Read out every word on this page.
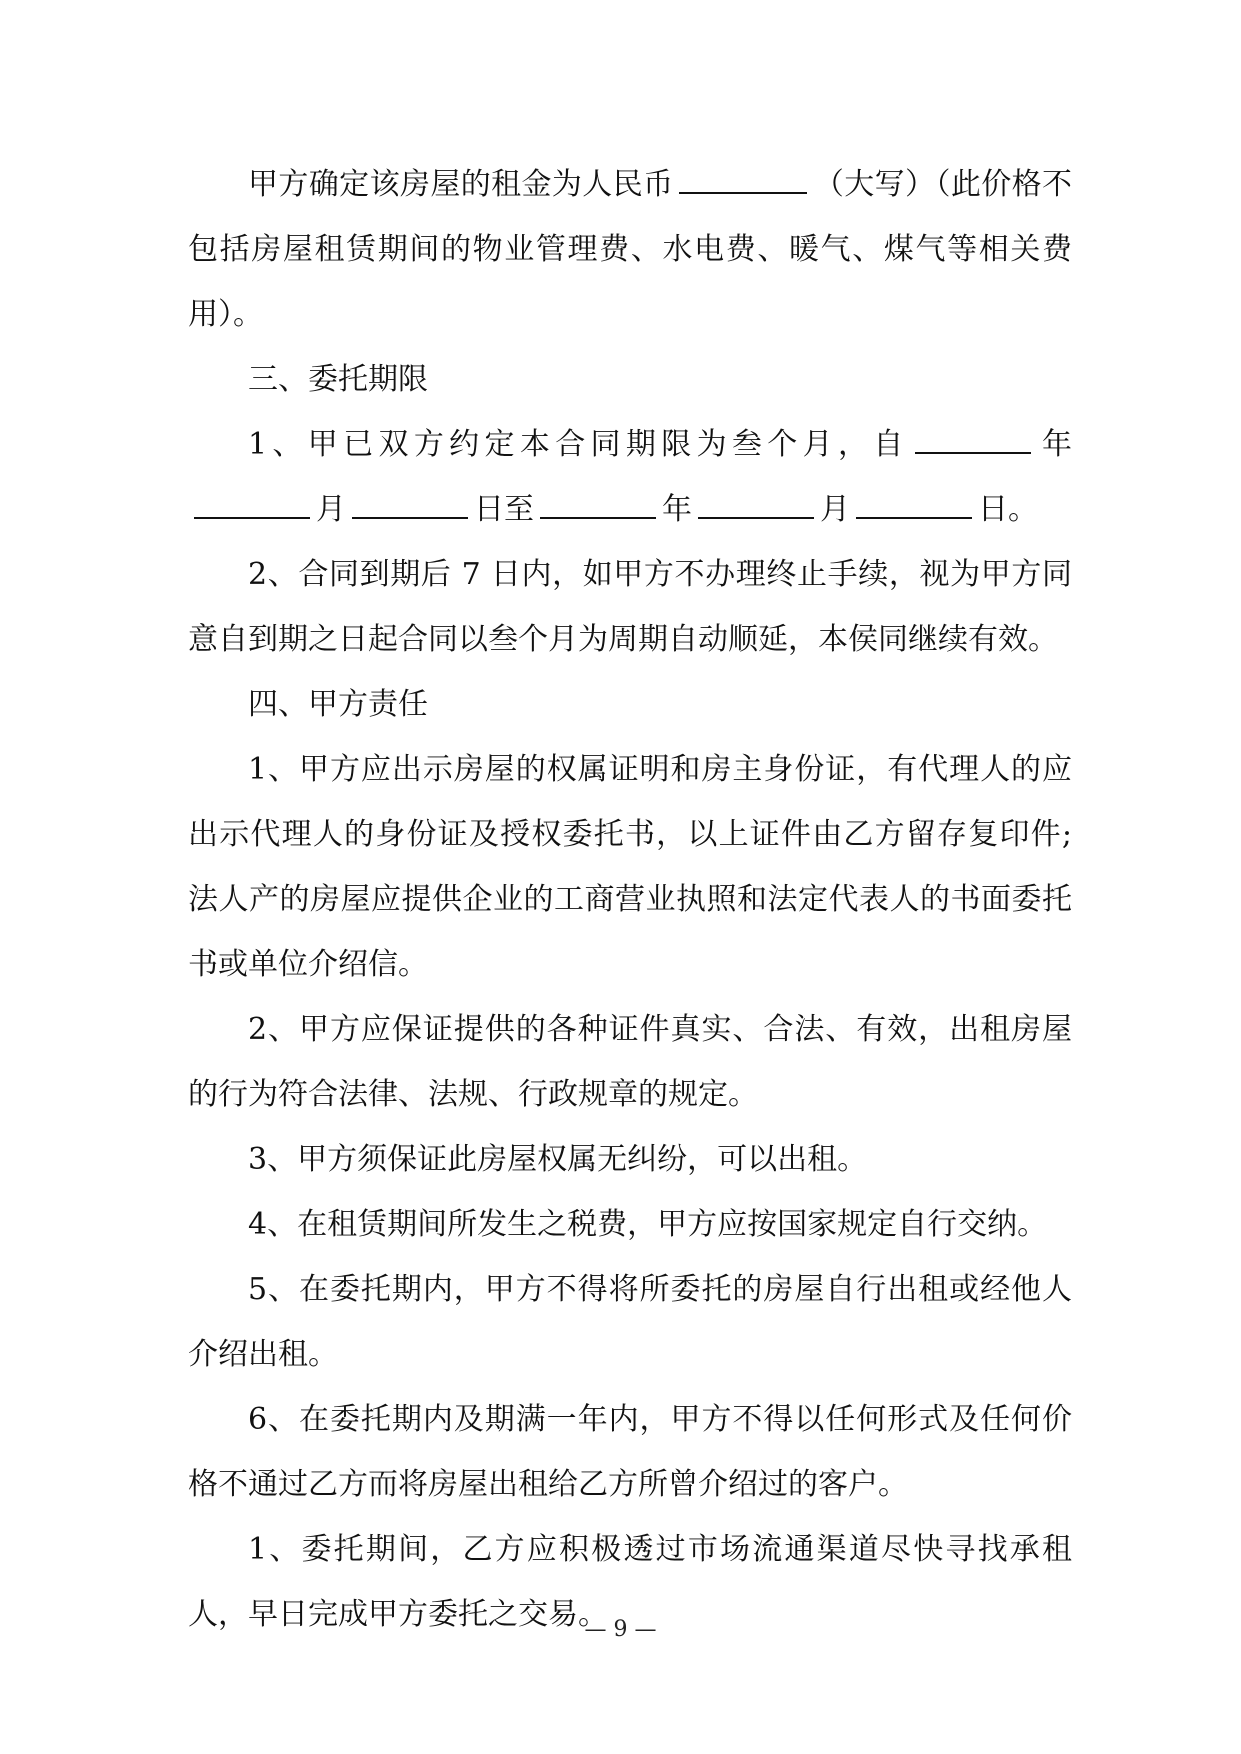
甲方确定该房屋的租金为人民币	（大写）（此价格不包括房屋租赁期间的物业管理费、水电费、暖气、煤气等相关费用）。

三、委托期限

1、甲已双方约定本合同期限为叁个月，自	年月	日至	年	月	日。

2、合同到期后 7 日内，如甲方不办理终止手续，视为甲方同意自到期之日起合同以叁个月为周期自动顺延，本侯同继续有效。

四、甲方责任

1、甲方应出示房屋的权属证明和房主身份证，有代理人的应出示代理人的身份证及授权委托书，以上证件由乙方留存复印件; 法人产的房屋应提供企业的工商营业执照和法定代表人的书面委托书或单位介绍信。

2、甲方应保证提供的各种证件真实、合法、有效，出租房屋的行为符合法律、法规、行政规章的规定。

3、甲方须保证此房屋权属无纠纷，可以出租。

4、在租赁期间所发生之税费，甲方应按国家规定自行交纳。

5、在委托期内，甲方不得将所委托的房屋自行出租或经他人介绍出租。

6、在委托期内及期满一年内，甲方不得以任何形式及任何价格不通过乙方而将房屋出租给乙方所曾介绍过的客户。

1、委托期间，乙方应积极透过市场流通渠道尽快寻找承租人，早日完成甲方委托之交易。

— 9 —
